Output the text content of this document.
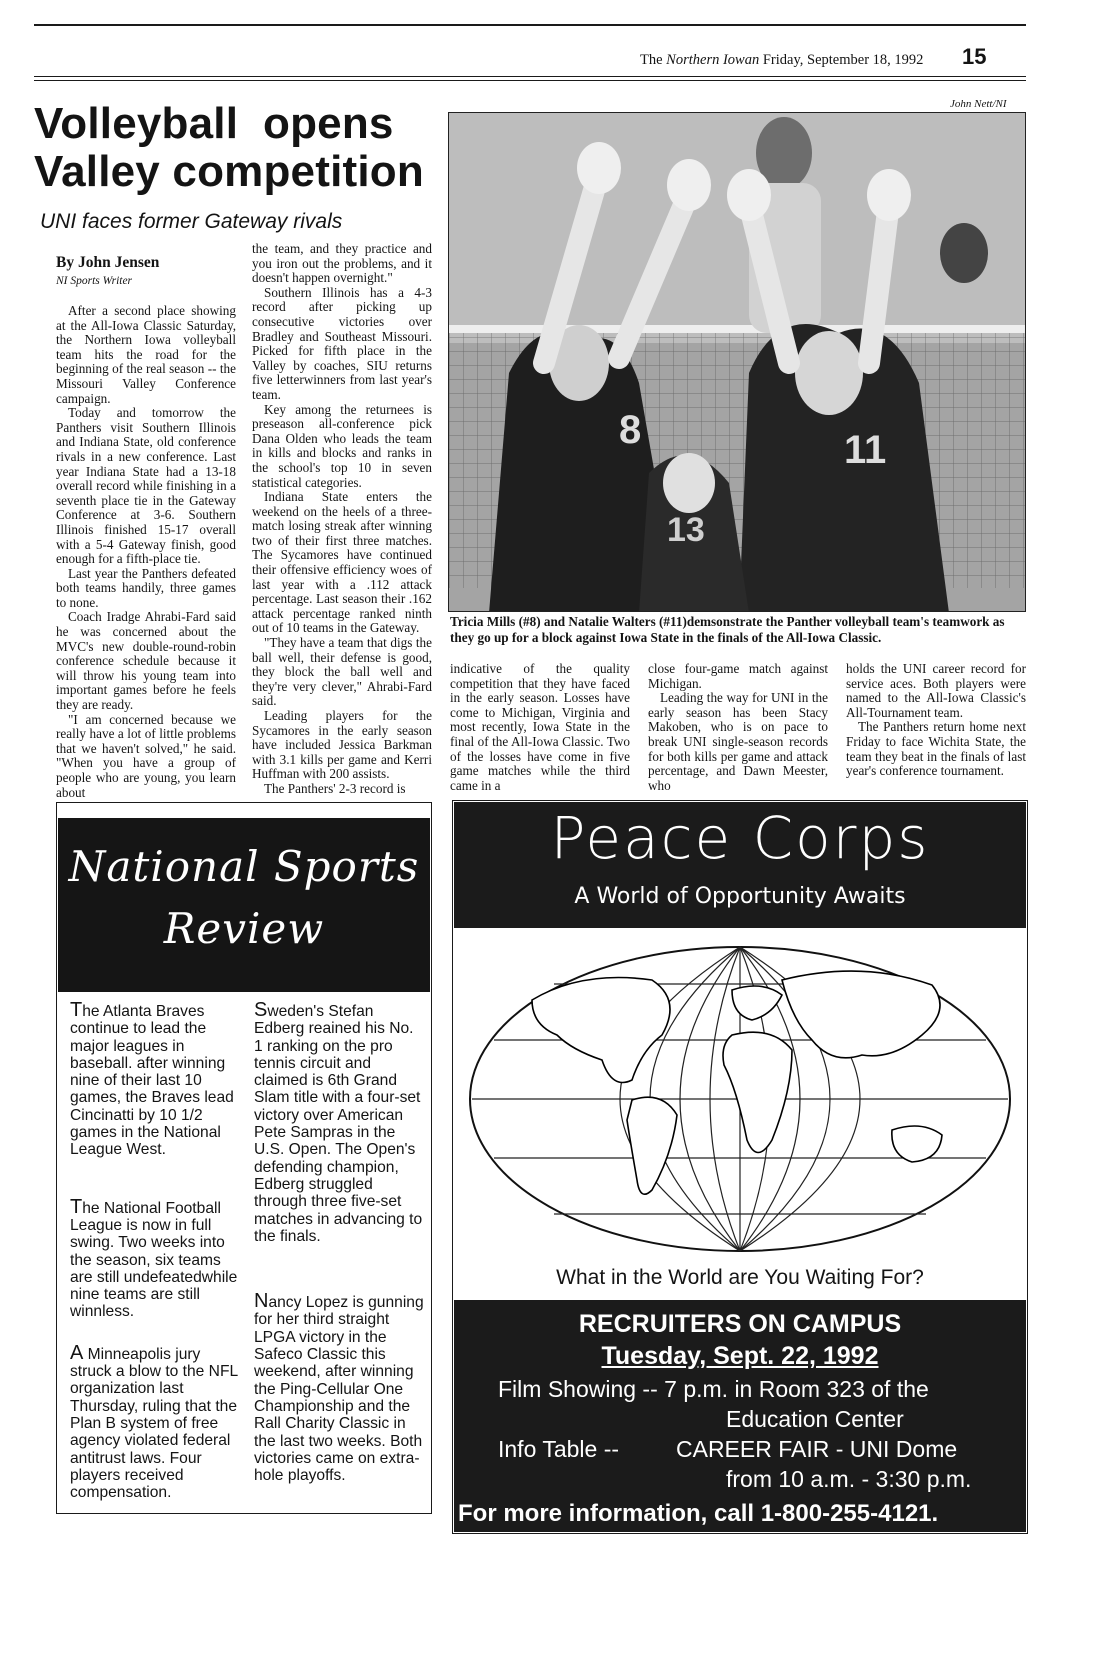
The Northern Iowan Friday, September 18, 1992 15
Volleyball  opens
Valley competition
UNI faces former Gateway rivals
By John Jensen
NI Sports Writer

After a second place showing at the All-Iowa Classic Saturday, the Northern Iowa volleyball team hits the road for the beginning of the real season -- the Missouri Valley Conference campaign.

Today and tomorrow the Panthers visit Southern Illinois and Indiana State, old conference rivals in a new conference. Last year Indiana State had a 13-18 overall record while finishing in a seventh place tie in the Gateway Conference at 3-6. Southern Illinois finished 15-17 overall with a 5-4 Gateway finish, good enough for a fifth-place tie.

Last year the Panthers defeated both teams handily, three games to none.

Coach Iradge Ahrabi-Fard said he was concerned about the MVC's new double-round-robin conference schedule because it will throw his young team into important games before he feels they are ready.

"I am concerned because we really have a lot of little problems that we haven't solved," he said. "When you have a group of people who are young, you learn about

the team, and they practice and you iron out the problems, and it doesn't happen overnight."

Southern Illinois has a 4-3 record after picking up consecutive victories over Bradley and Southeast Missouri. Picked for fifth place in the Valley by coaches, SIU returns five letterwinners from last year's team.

Key among the returnees is preseason all-conference pick Dana Olden who leads the team in kills and blocks and ranks in the school's top 10 in seven statistical categories.

Indiana State enters the weekend on the heels of a three-match losing streak after winning two of their first three matches. The Sycamores have continued their offensive efficiency woes of last year with a .112 attack percentage. Last season their .162 attack percentage ranked ninth out of 10 teams in the Gateway.

"They have a team that digs the ball well, their defense is good, they block the ball well and they're very clever," Ahrabi-Fard said.

Leading players for the Sycamores in the early season have included Jessica Barkman with 3.1 kills per game and Kerri Huffman with 200 assists.

The Panthers' 2-3 record is

indicative of the quality competition that they have faced in the early season. Losses have come to Michigan, Virginia and most recently, Iowa State in the final of the All-Iowa Classic. Two of the losses have come in five game matches while the third came in a

close four-game match against Michigan.

Leading the way for UNI in the early season has been Stacy Makoben, who is on pace to break UNI single-season records for both kills per game and attack percentage, and Dawn Meester, who

holds the UNI career record for service aces. Both players were named to the All-Iowa Classic's All-Tournament team.

The Panthers return home next Friday to face Wichita State, the team they beat in the finals of last year's conference tournament.

John Nett/NI
8	11
13
Tricia Mills (#8) and Natalie Walters (#11)demsonstrate the Panther volleyball team's teamwork as they go up for a block against Iowa State in the finals of the All-Iowa Classic.
National Sports
Review

The Atlanta Braves continue to lead the major leagues in baseball. after winning nine of their last 10 games, the Braves lead Cincinatti by 10 1/2 games in the National League West.

The National Football League is now in full swing. Two weeks into the season, six teams are still undefeatedwhile nine teams are still winnless.

A Minneapolis jury struck a blow to the NFL organization last Thursday, ruling that the Plan B system of free agency violated federal antitrust laws. Four players received compensation.

Sweden's Stefan Edberg reained his No. 1 ranking on the pro tennis circuit and claimed is 6th Grand Slam title with a four-set victory over American Pete Sampras in the U.S. Open. The Open's defending champion, Edberg struggled through three five-set matches in advancing to the finals.

Nancy Lopez is gunning for her third straight LPGA victory in the Safeco Classic this weekend, after winning the Ping-Cellular One Championship and the Rall Charity Classic in the last two weeks. Both victories came on extra-hole playoffs.

Peace Corps
A World of Opportunity Awaits
What in the World are You Waiting For?
RECRUITERS ON CAMPUS
Tuesday, Sept. 22, 1992
Film Showing -- 7 p.m. in Room 323 of the
Education Center
Info Table -- CAREER FAIR - UNI Dome
from 10 a.m. - 3:30 p.m.
For more information, call 1-800-255-4121.
